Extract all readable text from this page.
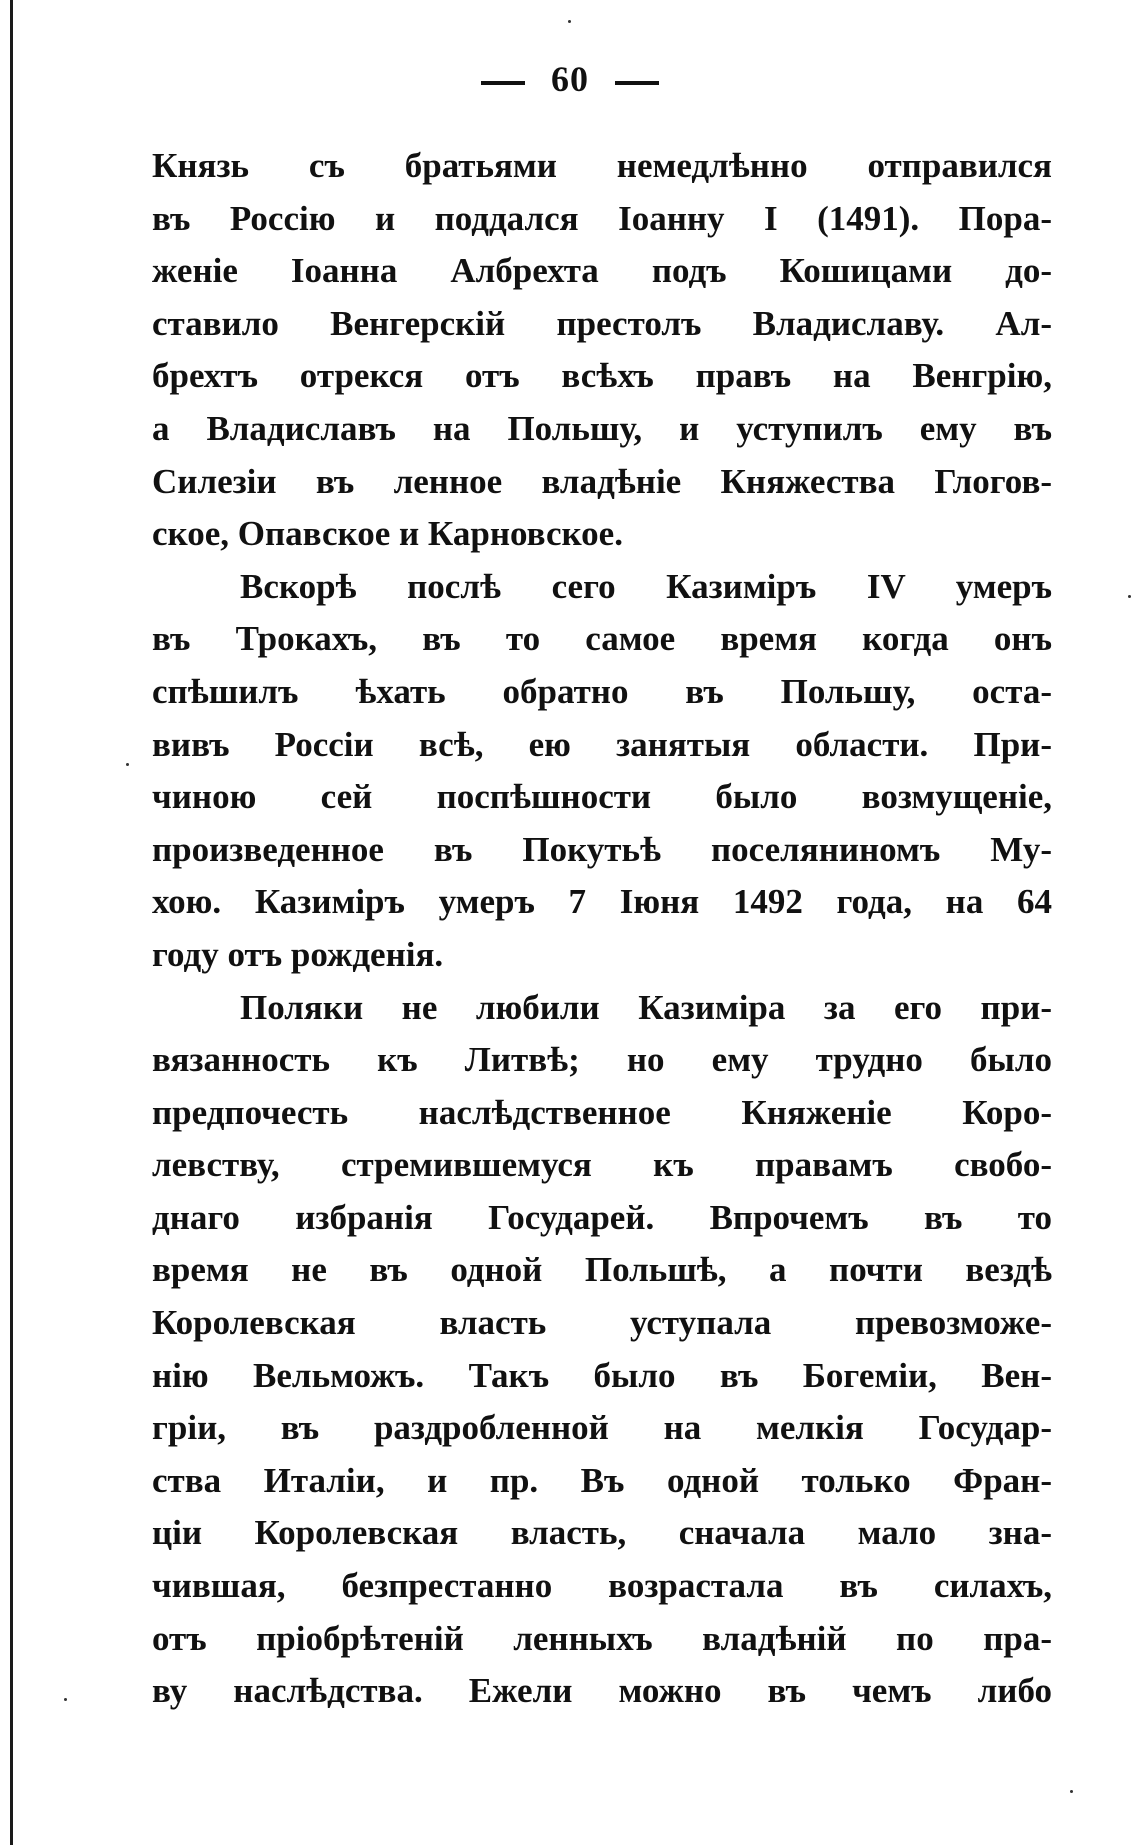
60
Князь съ братьями немедлѣнно отправился
въ Россію и поддался Іоанну I (1491). Пора-
женіе Іоанна Албрехта подъ Кошицами до-
ставило Венгерскій престолъ Владиславу. Ал-
брехтъ отрекся отъ всѣхъ правъ на Венгрію,
а Владиславъ на Польшу, и уступилъ ему въ
Силезіи въ ленное владѣніе Княжества Глогов-
ское, Опавское и Карновское.
Вскорѣ послѣ сего Казиміръ IV умеръ
въ Трокахъ, въ то самое время когда онъ
спѣшилъ ѣхать обратно въ Польшу, оста-
вивъ Россіи всѣ, ею занятыя области. При-
чиною сей поспѣшности было возмущеніе,
произведенное въ Покутьѣ поселяниномъ Му-
хою. Казиміръ умеръ 7 Іюня 1492 года, на 64
году отъ рожденія.
Поляки не любили Казиміра за его при-
вязанность къ Литвѣ; но ему трудно было
предпочесть наслѣдственное Княженіе Коро-
левству, стремившемуся къ правамъ свобо-
днаго избранія Государей. Впрочемъ въ то
время не въ одной Польшѣ, а почти вездѣ
Королевская власть уступала превозможе-
нію Вельможъ. Такъ было въ Богеміи, Вен-
гріи, въ раздробленной на мелкія Государ-
ства Италіи, и пр. Въ одной только Фран-
ціи Королевская власть, сначала мало зна-
чившая, безпрестанно возрастала въ силахъ,
отъ пріобрѣтеній ленныхъ владѣній по пра-
ву наслѣдства. Ежели можно въ чемъ либо
